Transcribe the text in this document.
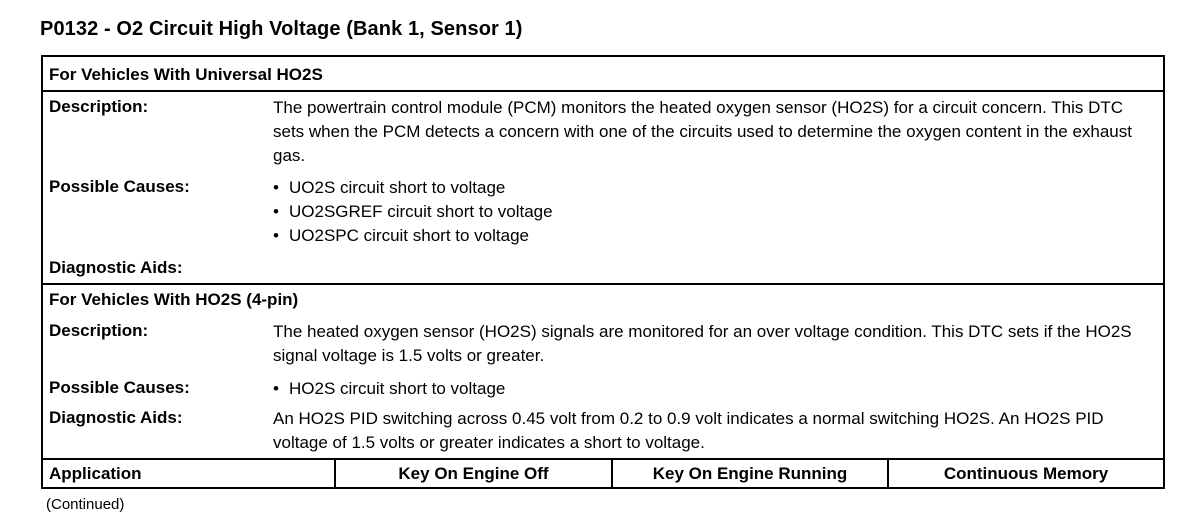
P0132 - O2 Circuit High Voltage (Bank 1, Sensor 1)
For Vehicles With Universal HO2S
Description:	The powertrain control module (PCM) monitors the heated oxygen sensor (HO2S) for a circuit concern. This DTC sets when the PCM detects a concern with one of the circuits used to determine the oxygen content in the exhaust gas.
Possible Causes:	• UO2S circuit short to voltage
• UO2SGREF circuit short to voltage
• UO2SPC circuit short to voltage
Diagnostic Aids:
For Vehicles With HO2S (4-pin)
Description:	The heated oxygen sensor (HO2S) signals are monitored for an over voltage condition. This DTC sets if the HO2S signal voltage is 1.5 volts or greater.
Possible Causes:	• HO2S circuit short to voltage
Diagnostic Aids:	An HO2S PID switching across 0.45 volt from 0.2 to 0.9 volt indicates a normal switching HO2S. An HO2S PID voltage of 1.5 volts or greater indicates a short to voltage.
Application	Key On Engine Off	Key On Engine Running	Continuous Memory
(Continued)
